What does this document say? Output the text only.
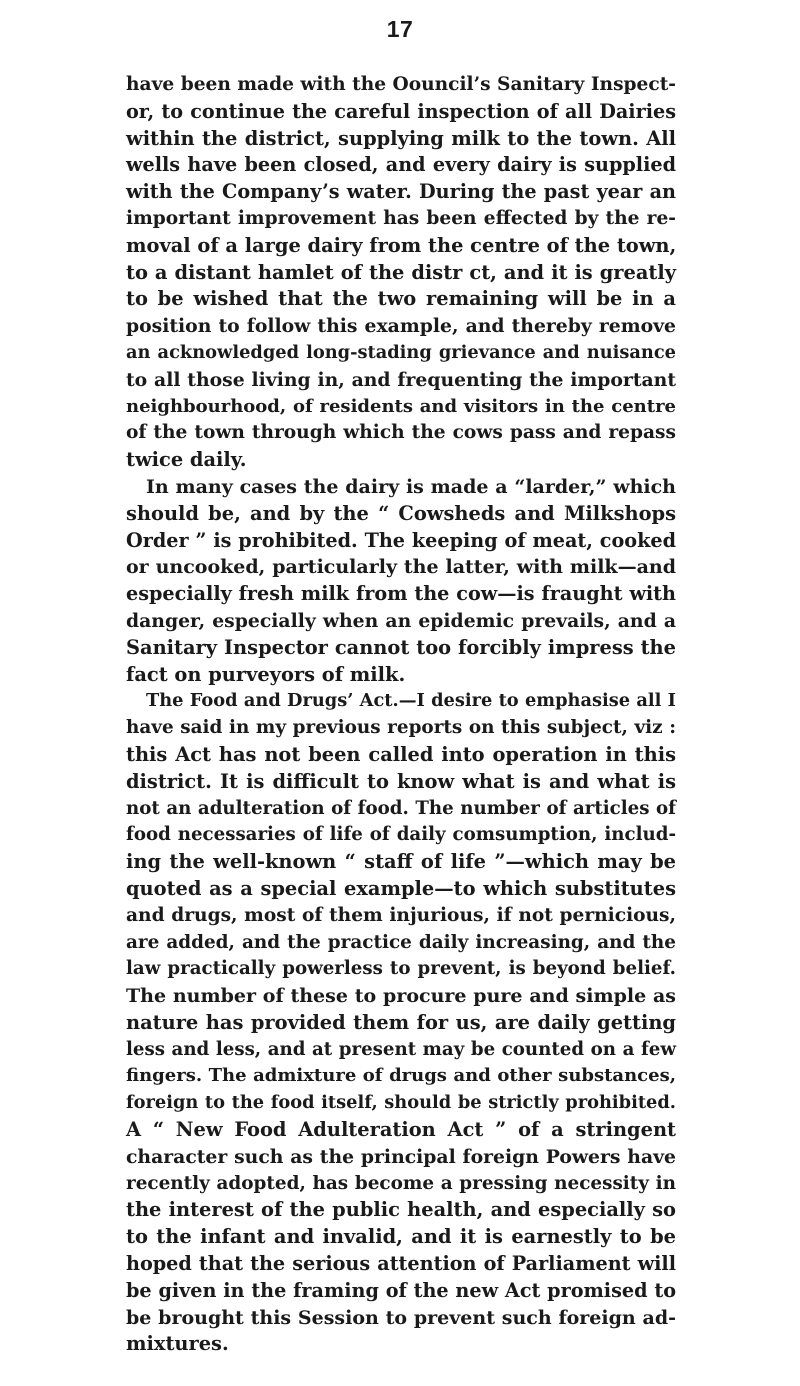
17
have been made with the Oouncil’s Sanitary Inspect-
or, to continue the careful inspection of all Dairies
within the district, supplying milk to the town. All
wells have been closed, and every dairy is supplied
with the Company’s water. During the past year an
important improvement has been effected by the re-
moval of a large dairy from the centre of the town,
to a distant hamlet of the distr ct, and it is greatly
to be wished that the two remaining will be in a
position to follow this example, and thereby remove
an acknowledged long-stading grievance and nuisance
to all those living in, and frequenting the important
neighbourhood, of residents and visitors in the centre
of the town through which the cows pass and repass
twice daily.
In many cases the dairy is made a “larder,” which
should be, and by the “ Cowsheds and Milkshops
Order ” is prohibited. The keeping of meat, cooked
or uncooked, particularly the latter, with milk—and
especially fresh milk from the cow—is fraught with
danger, especially when an epidemic prevails, and a
Sanitary Inspector cannot too forcibly impress the
fact on purveyors of milk.
The Food and Drugs’ Act.—I desire to emphasise all I
have said in my previous reports on this subject, viz :
this Act has not been called into operation in this
district. It is difficult to know what is and what is
not an adulteration of food. The number of articles of
food necessaries of life of daily comsumption, includ-
ing the well-known “ staff of life ”—which may be
quoted as a special example—to which substitutes
and drugs, most of them injurious, if not pernicious,
are added, and the practice daily increasing, and the
law practically powerless to prevent, is beyond belief.
The number of these to procure pure and simple as
nature has provided them for us, are daily getting
less and less, and at present may be counted on a few
fingers. The admixture of drugs and other substances,
foreign to the food itself, should be strictly prohibited.
A “ New Food Adulteration Act ” of a stringent
character such as the principal foreign Powers have
recently adopted, has become a pressing necessity in
the interest of the public health, and especially so
to the infant and invalid, and it is earnestly to be
hoped that the serious attention of Parliament will
be given in the framing of the new Act promised to
be brought this Session to prevent such foreign ad-
mixtures.
